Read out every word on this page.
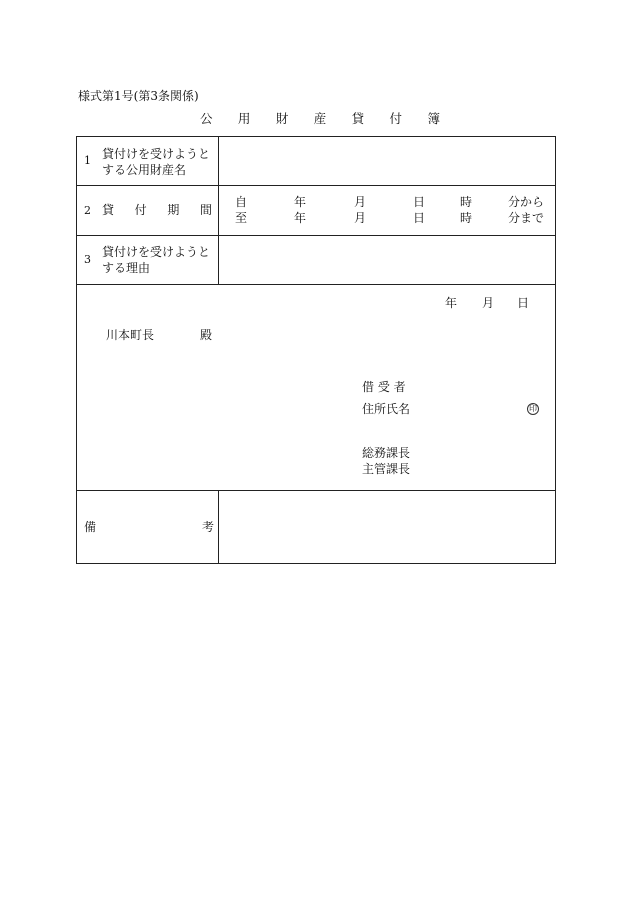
様式第1号(第3条関係)
公 用 財 産 貸 付 簿
1 貸付けを受けようと
する公用財産名
2 貸 付 期 間
自	年	月	日	時	分から
至	年	月	日	時	分まで
3
貸付けを受けようと
する理由
年 月 日
川本町長	殿
借 受 者
住所氏名	印
総務課長
主管課長
備	考
